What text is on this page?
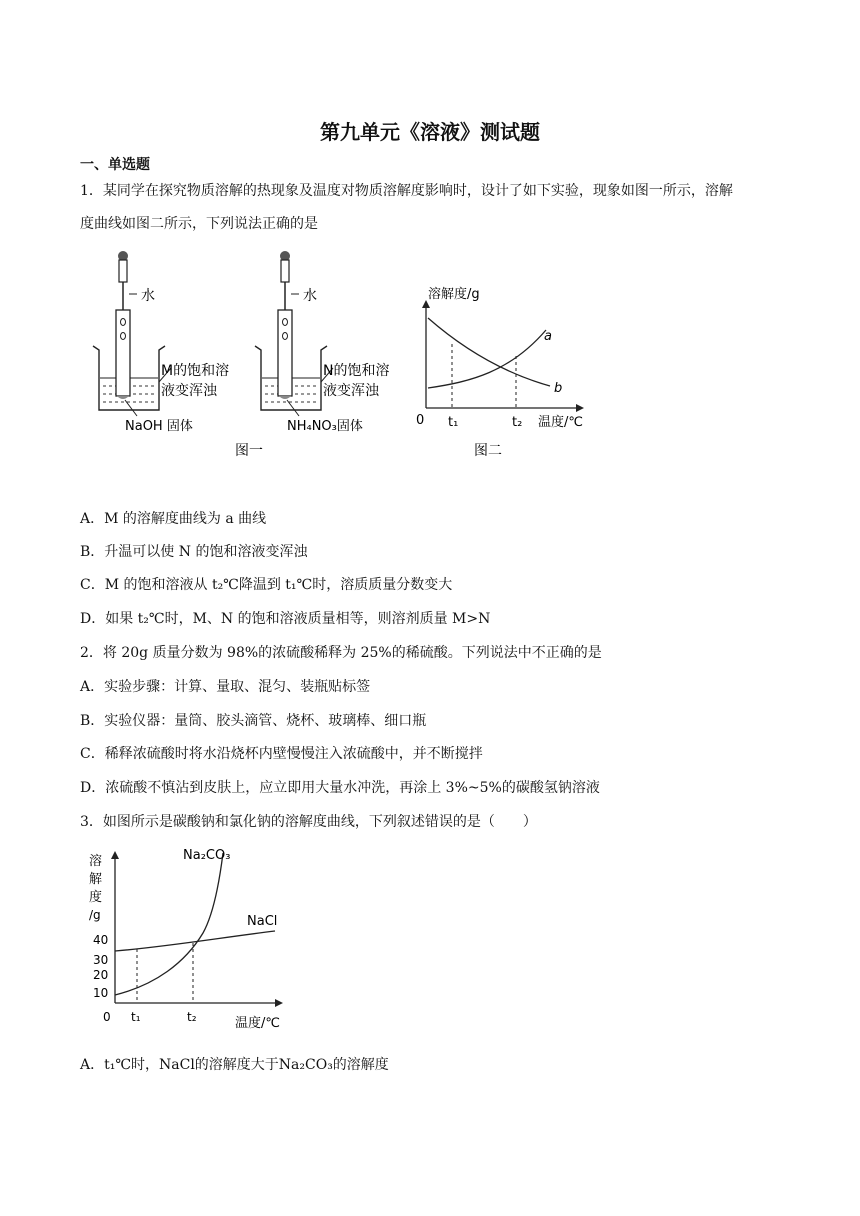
第九单元《溶液》测试题
一、单选题
1．某同学在探究物质溶解的热现象及温度对物质溶解度影响时，设计了如下实验，现象如图一所示，溶解
度曲线如图二所示，下列说法正确的是
水
M的饱和溶
液变浑浊
NaOH 固体
图一
水
N的饱和溶
液变浑浊
NH₄NO₃固体
溶解度/g
a
b
0 t₁	t₂ 温度/℃
图二
A．M 的溶解度曲线为 a 曲线
B．升温可以使 N 的饱和溶液变浑浊
C．M 的饱和溶液从 t₂℃降温到 t₁℃时，溶质质量分数变大
D．如果 t₂℃时，M、N 的饱和溶液质量相等，则溶剂质量 M>N
2．将 20g 质量分数为 98%的浓硫酸稀释为 25%的稀硫酸。下列说法中不正确的是
A．实验步骤：计算、量取、混匀、装瓶贴标签
B．实验仪器：量筒、胶头滴管、烧杯、玻璃棒、细口瓶
C．稀释浓硫酸时将水沿烧杯内壁慢慢注入浓硫酸中，并不断搅拌
D．浓硫酸不慎沾到皮肤上，应立即用大量水冲洗，再涂上 3%~5%的碳酸氢钠溶液
3．如图所示是碳酸钠和氯化钠的溶解度曲线，下列叙述错误的是（　　）
溶
解
度
/g
40
30
20
10
0 t₁	t₂	温度/℃
Na₂CO₃
NaCl
A．t₁℃时，NaCl的溶解度大于Na₂CO₃的溶解度
